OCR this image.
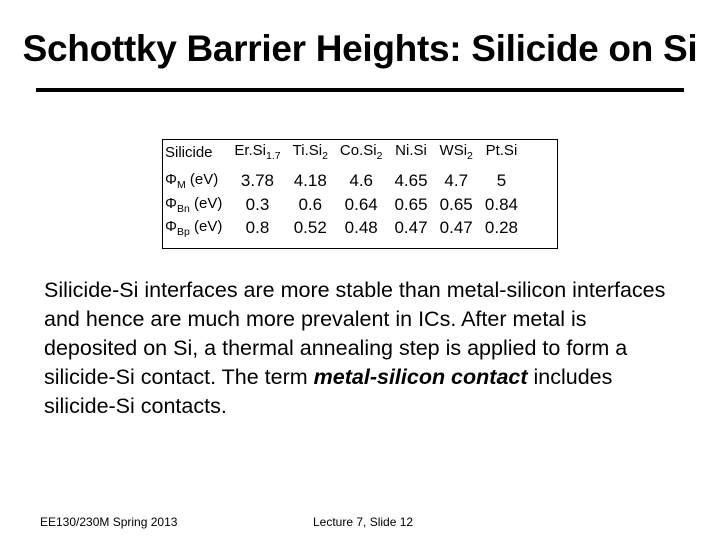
Schottky Barrier Heights: Silicide on Si
Silicide	$Er.Si_{1.7}$	$Ti.Si_2$	$Co.Si_2$	Ni.Si	WSi$_2$	Pt.Si
$\Phi_M$ (eV)	3.78	4.18	4.6	4.65	4.7	5
$\Phi_{Bn}$ (eV)	0.3	0.6	0.64	0.65	0.65	0.84
$\Phi_{Bp}$ (eV)	0.8	0.52	0.48	0.47	0.47	0.28
Silicide-Si interfaces are more stable than metal-silicon interfaces and hence are much more prevalent in ICs. After metal is deposited on Si, a thermal annealing step is applied to form a silicide-Si contact. The term metal-silicon contact includes silicide-Si contacts.
EE130/230M Spring 2013	Lecture 7, Slide 12
